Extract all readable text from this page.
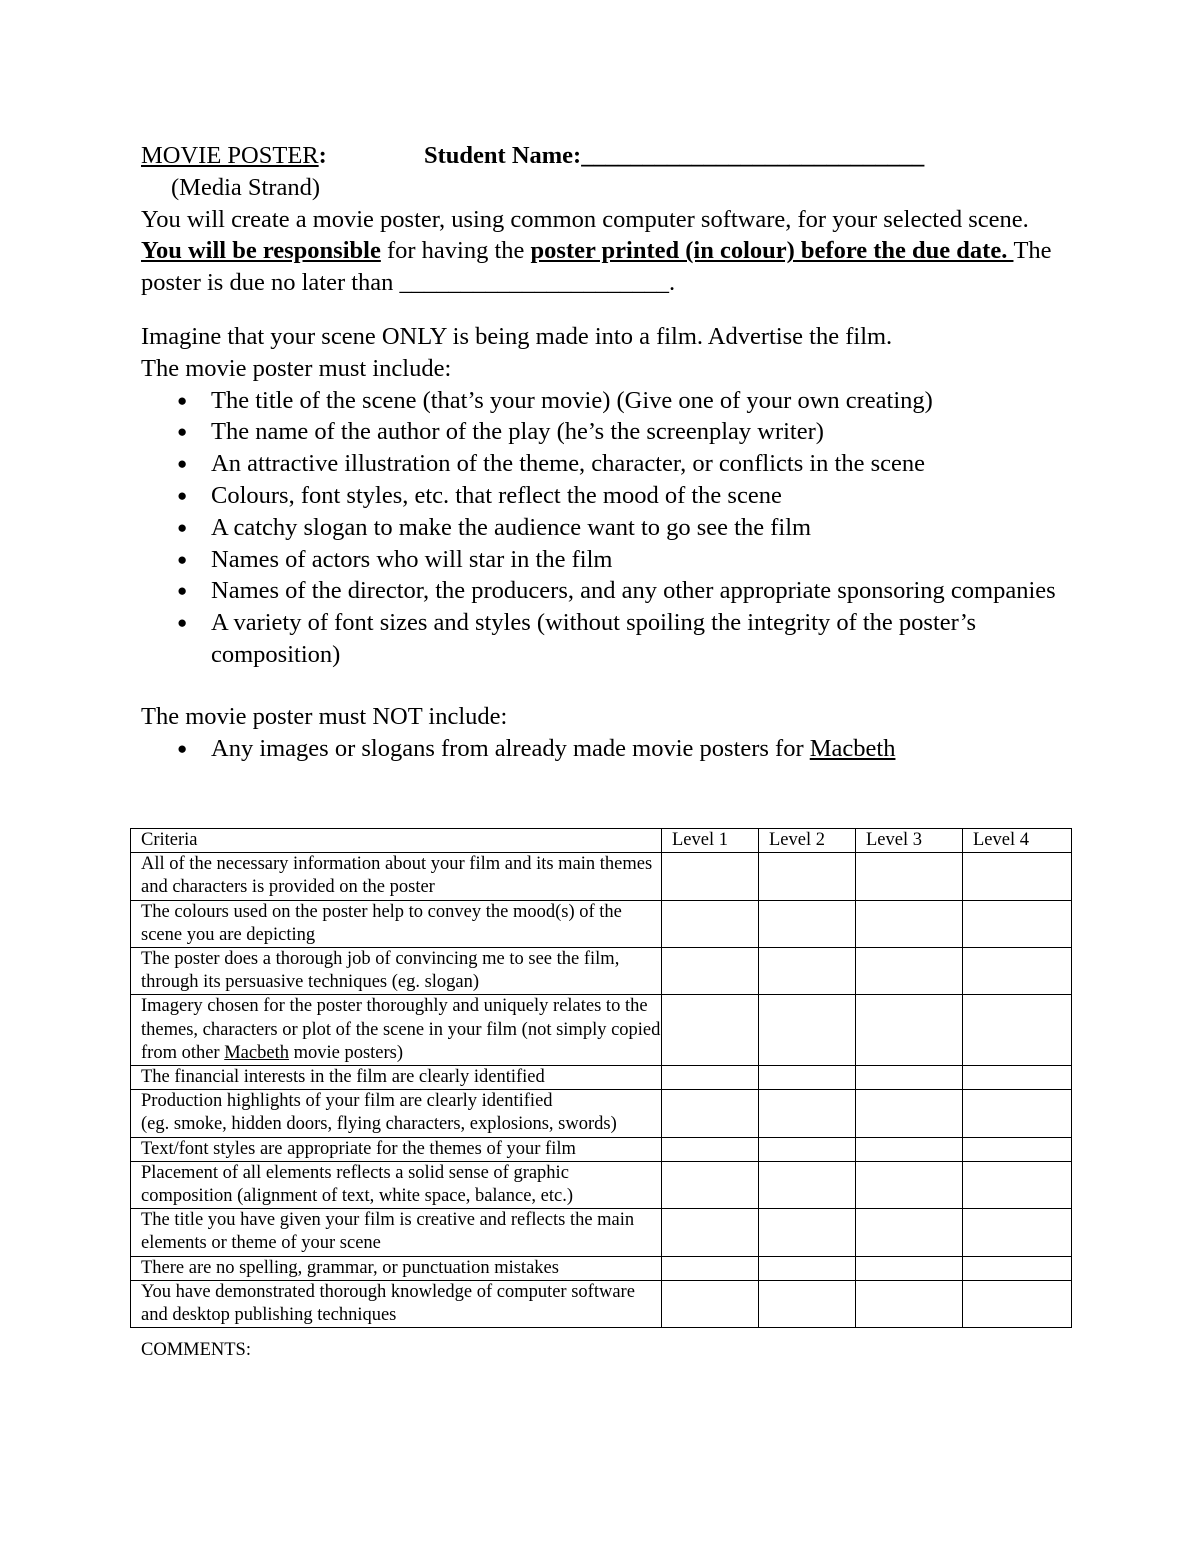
MOVIE POSTER:	Student Name:____________________________
(Media Strand)
You will create a movie poster, using common computer software, for your selected scene. You will be responsible for having the poster printed (in colour) before the due date. The poster is due no later than ______________________.
Imagine that your scene ONLY is being made into a film. Advertise the film.
The movie poster must include:
● The title of the scene (that’s your movie) (Give one of your own creating)
● The name of the author of the play (he’s the screenplay writer)
● An attractive illustration of the theme, character, or conflicts in the scene
● Colours, font styles, etc. that reflect the mood of the scene
● A catchy slogan to make the audience want to go see the film
● Names of actors who will star in the film
● Names of the director, the producers, and any other appropriate sponsoring companies
● A variety of font sizes and styles (without spoiling the integrity of the poster’s composition)
The movie poster must NOT include:
● Any images or slogans from already made movie posters for Macbeth
Criteria	Level 1	Level 2	Level 3	Level 4
All of the necessary information about your film and its main themes and characters is provided on the poster				
The colours used on the poster help to convey the mood(s) of the scene you are depicting				
The poster does a thorough job of convincing me to see the film, through its persuasive techniques (eg. slogan)				
Imagery chosen for the poster thoroughly and uniquely relates to the themes, characters or plot of the scene in your film (not simply copied from other Macbeth movie posters)				
The financial interests in the film are clearly identified				

Production highlights of your film are clearly identified
(eg. smoke, hidden doors, flying characters, explosions, swords)				

Text/font styles are appropriate for the themes of your film				
Placement of all elements reflects a solid sense of graphic composition (alignment of text, white space, balance, etc.)				
The title you have given your film is creative and reflects the main elements or theme of your scene				
There are no spelling, grammar, or punctuation mistakes				
You have demonstrated thorough knowledge of computer software and desktop publishing techniques				
COMMENTS:
